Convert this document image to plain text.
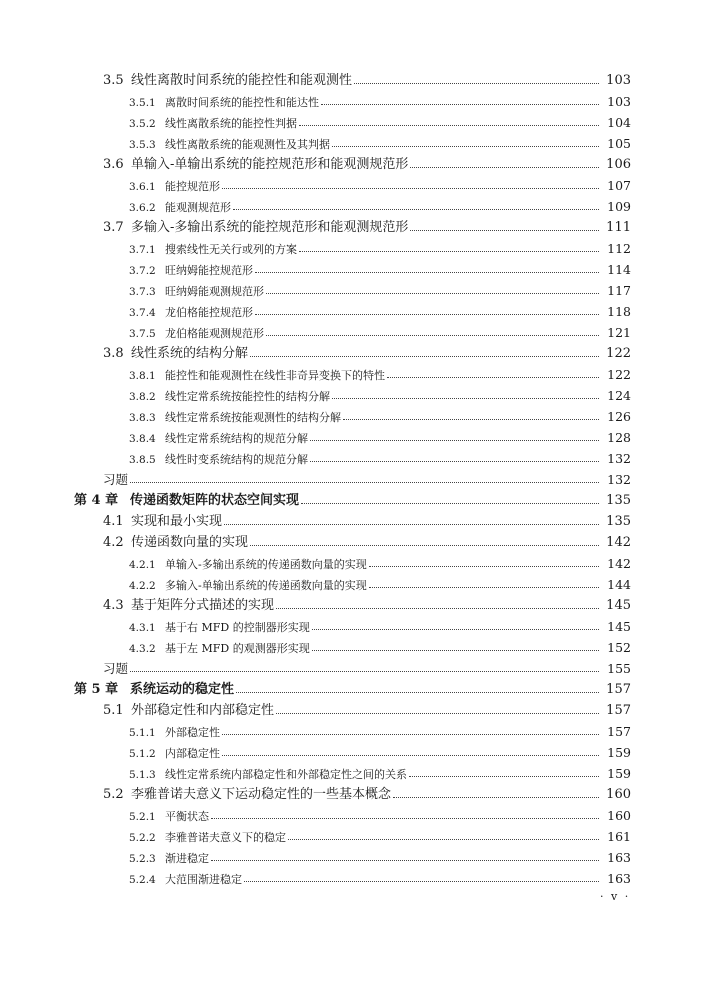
3.5 线性离散时间系统的能控性和能观测性	103
3.5.1 离散时间系统的能控性和能达性	103
3.5.2 线性离散系统的能控性判据	104
3.5.3 线性离散系统的能观测性及其判据	105
3.6 单输入-单输出系统的能控规范形和能观测规范形	106
3.6.1 能控规范形	107
3.6.2 能观测规范形	109
3.7 多输入-多输出系统的能控规范形和能观测规范形	111
3.7.1 搜索线性无关行或列的方案	112
3.7.2 旺纳姆能控规范形	114
3.7.3 旺纳姆能观测规范形	117
3.7.4 龙伯格能控规范形	118
3.7.5 龙伯格能观测规范形	121
3.8 线性系统的结构分解	122
3.8.1 能控性和能观测性在线性非奇异变换下的特性	122
3.8.2 线性定常系统按能控性的结构分解	124
3.8.3 线性定常系统按能观测性的结构分解	126
3.8.4 线性定常系统结构的规范分解	128
3.8.5 线性时变系统结构的规范分解	132
习题	132
第 4 章 传递函数矩阵的状态空间实现	135
4.1 实现和最小实现	135
4.2 传递函数向量的实现	142
4.2.1 单输入-多输出系统的传递函数向量的实现	142
4.2.2 多输入-单输出系统的传递函数向量的实现	144
4.3 基于矩阵分式描述的实现	145
4.3.1 基于右 MFD 的控制器形实现	145
4.3.2 基于左 MFD 的观测器形实现	152
习题	155
第 5 章 系统运动的稳定性	157
5.1 外部稳定性和内部稳定性	157
5.1.1 外部稳定性	157
5.1.2 内部稳定性	159
5.1.3 线性定常系统内部稳定性和外部稳定性之间的关系	159
5.2 李雅普诺夫意义下运动稳定性的一些基本概念	160
5.2.1 平衡状态	160
5.2.2 李雅普诺夫意义下的稳定	161
5.2.3 渐进稳定	163
5.2.4 大范围渐进稳定	163
· v ·
